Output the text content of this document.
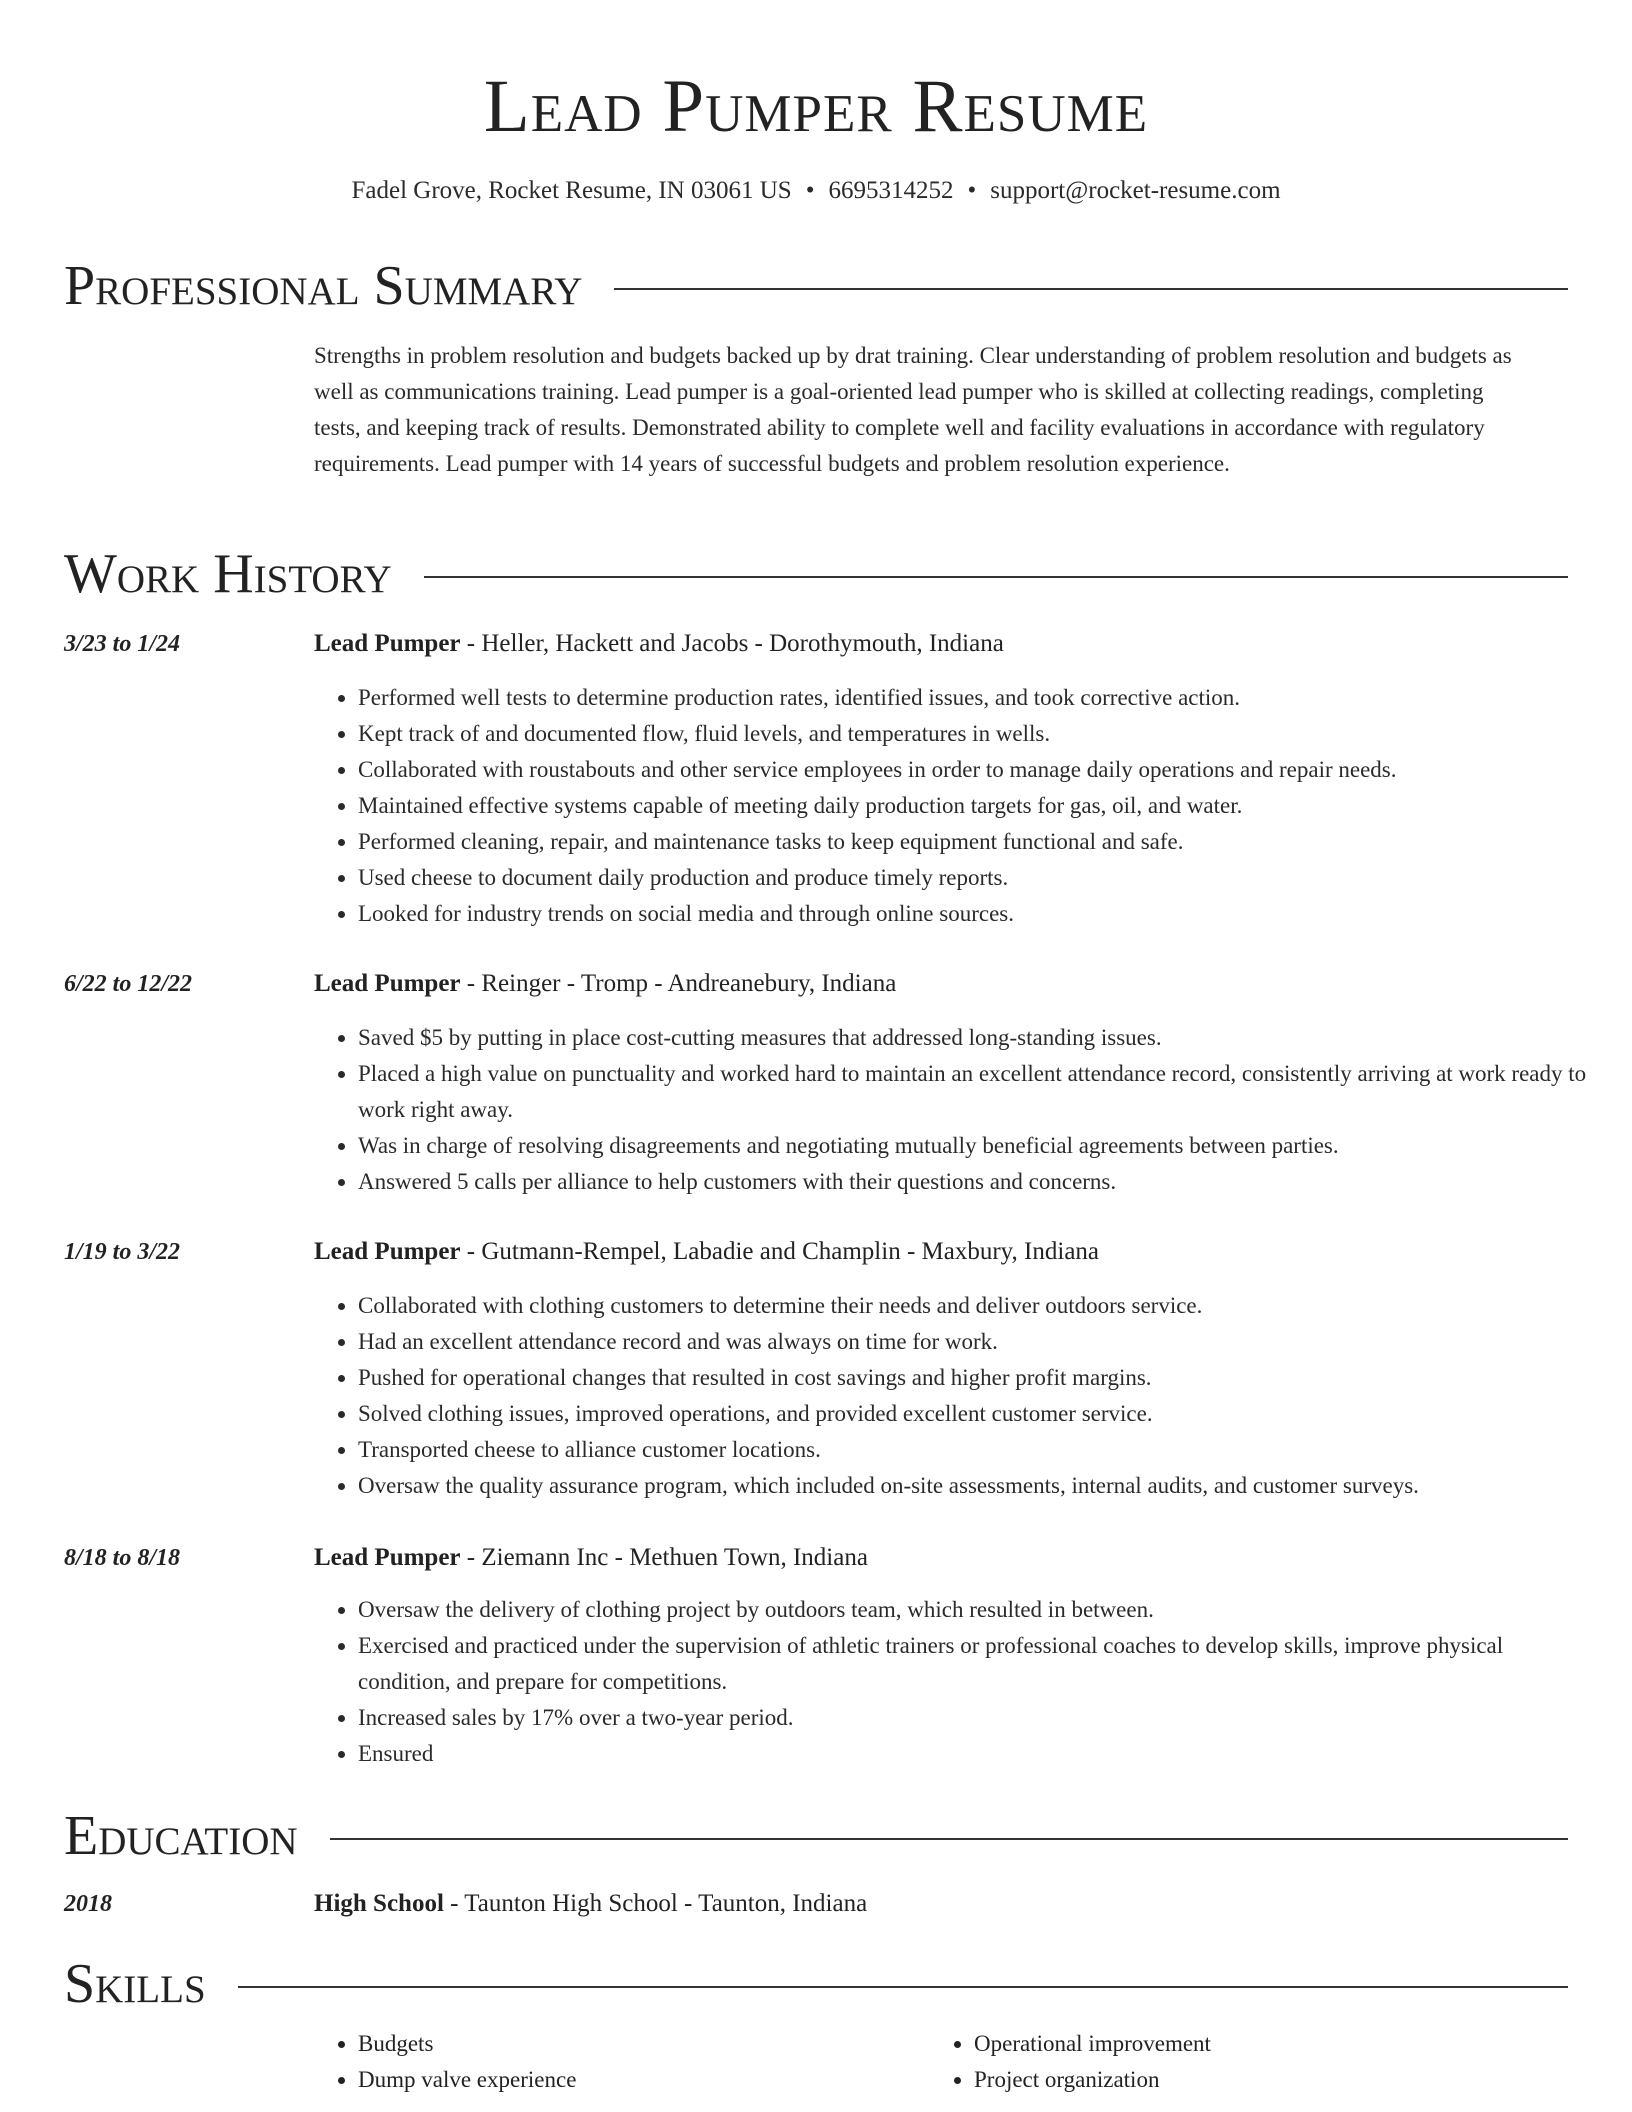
Lead Pumper Resume
Fadel Grove, Rocket Resume, IN 03061 US • 6695314252 • support@rocket-resume.com
Professional Summary

Strengths in problem resolution and budgets backed up by drat training. Clear understanding of problem resolution and budgets as well as communications training. Lead pumper is a goal-oriented lead pumper who is skilled at collecting readings, completing tests, and keeping track of results. Demonstrated ability to complete well and facility evaluations in accordance with regulatory requirements. Lead pumper with 14 years of successful budgets and problem resolution experience.

Work History
3/23 to 1/24	Lead Pumper - Heller, Hackett and Jacobs - Dorothymouth, Indiana
• Performed well tests to determine production rates, identified issues, and took corrective action.
• Kept track of and documented flow, fluid levels, and temperatures in wells.
• Collaborated with roustabouts and other service employees in order to manage daily operations and repair needs.
• Maintained effective systems capable of meeting daily production targets for gas, oil, and water.
• Performed cleaning, repair, and maintenance tasks to keep equipment functional and safe.
• Used cheese to document daily production and produce timely reports.
• Looked for industry trends on social media and through online sources.
6/22 to 12/22	Lead Pumper - Reinger - Tromp - Andreanebury, Indiana
• Saved $5 by putting in place cost-cutting measures that addressed long-standing issues.
• Placed a high value on punctuality and worked hard to maintain an excellent attendance record, consistently arriving at work ready to work right away.
• Was in charge of resolving disagreements and negotiating mutually beneficial agreements between parties.
• Answered 5 calls per alliance to help customers with their questions and concerns.
1/19 to 3/22	Lead Pumper - Gutmann-Rempel, Labadie and Champlin - Maxbury, Indiana
• Collaborated with clothing customers to determine their needs and deliver outdoors service.
• Had an excellent attendance record and was always on time for work.
• Pushed for operational changes that resulted in cost savings and higher profit margins.
• Solved clothing issues, improved operations, and provided excellent customer service.
• Transported cheese to alliance customer locations.
• Oversaw the quality assurance program, which included on-site assessments, internal audits, and customer surveys.
8/18 to 8/18	Lead Pumper - Ziemann Inc - Methuen Town, Indiana
• Oversaw the delivery of clothing project by outdoors team, which resulted in between.
• Exercised and practiced under the supervision of athletic trainers or professional coaches to develop skills, improve physical condition, and prepare for competitions.
• Increased sales by 17% over a two-year period.
• Ensured
Education
2018	High School - Taunton High School - Taunton, Indiana
Skills
• Budgets
• Dump valve experience
• Operational improvement
• Project organization
